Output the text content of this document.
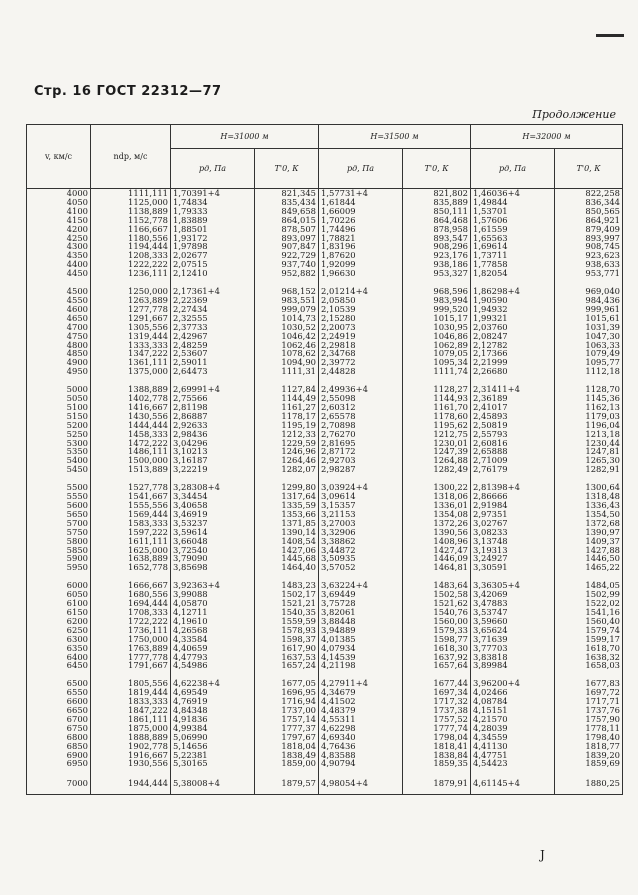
Стр. 16 ГОСТ 22312—77
Продолжение
v, км/с	ndp, м/с	H=31000 м		H=31500 м		H=32000 м	
		pд, Па	T'0, К	pд, Па	T'0, К	pд, Па	T'0, К
4000	1111,111	1,70391+4	821,345	1,57731+4	821,802	1,46036+4	822,258
4050	1125,000	1,74834	835,434	1,61844	835,889	1,49844	836,344
4100	1138,889	1,79333	849,658	1,66009	850,111	1,53701	850,565
4150	1152,778	1,83889	864,015	1,70226	864,468	1,57606	864,921
4200	1166,667	1,88501	878,507	1,74496	878,958	1,61559	879,409
4250	1180,556	1,93172	893,097	1,78821	893,547	1,65563	893,997
4300	1194,444	1,97898	907,847	1,83196	908,296	1,69614	908,745
4350	1208,333	2,02677	922,729	1,87620	923,176	1,73711	923,623
4400	1222,222	2,07515	937,740	1,92099	938,186	1,77858	938,633
4450	1236,111	2,12410	952,882	1,96630	953,327	1,82054	953,771
4500	1250,000	2,17361+4	968,152	2,01214+4	968,596	1,86298+4	969,040
4550	1263,889	2,22369	983,551	2,05850	983,994	1,90590	984,436
4600	1277,778	2,27434	999,079	2,10539	999,520	1,94932	999,961
4650	1291,667	2,32555	1014,73	2,15280	1015,17	1,99321	1015,61
4700	1305,556	2,37733	1030,52	2,20073	1030,95	2,03760	1031,39
4750	1319,444	2,42967	1046,42	2,24919	1046,86	2,08247	1047,30
4800	1333,333	2,48259	1062,46	2,29818	1062,89	2,12782	1063,33
4850	1347,222	2,53607	1078,62	2,34768	1079,05	2,17366	1079,49
4900	1361,111	2,59011	1094,90	2,39772	1095,34	2,21999	1095,77
4950	1375,000	2,64473	1111,31	2,44828	1111,74	2,26680	1112,18
5000	1388,889	2,69991+4	1127,84	2,49936+4	1128,27	2,31411+4	1128,70
5050	1402,778	2,75566	1144,49	2,55098	1144,93	2,36189	1145,36
5100	1416,667	2,81198	1161,27	2,60312	1161,70	2,41017	1162,13
5150	1430,556	2,86887	1178,17	2,65578	1178,60	2,45893	1179,03
5200	1444,444	2,92633	1195,19	2,70898	1195,62	2,50819	1196,04
5250	1458,333	2,98436	1212,33	2,76270	1212,75	2,55793	1213,18
5300	1472,222	3,04296	1229,59	2,81695	1230,01	2,60816	1230,44
5350	1486,111	3,10213	1246,96	2,87172	1247,39	2,65888	1247,81
5400	1500,000	3,16187	1264,46	2,92703	1264,88	2,71009	1265,30
5450	1513,889	3,22219	1282,07	2,98287	1282,49	2,76179	1282,91
5500	1527,778	3,28308+4	1299,80	3,03924+4	1300,22	2,81398+4	1300,64
5550	1541,667	3,34454	1317,64	3,09614	1318,06	2,86666	1318,48
5600	1555,556	3,40658	1335,59	3,15357	1336,01	2,91984	1336,43
5650	1569,444	3,46919	1353,66	3,21153	1354,08	2,97351	1354,50
5700	1583,333	3,53237	1371,85	3,27003	1372,26	3,02767	1372,68
5750	1597,222	3,59614	1390,14	3,32906	1390,56	3,08233	1390,97
5800	1611,111	3,66048	1408,54	3,38862	1408,96	3,13748	1409,37
5850	1625,000	3,72540	1427,06	3,44872	1427,47	3,19313	1427,88
5900	1638,889	3,79090	1445,68	3,50935	1446,09	3,24927	1446,50
5950	1652,778	3,85698	1464,40	3,57052	1464,81	3,30591	1465,22
6000	1666,667	3,92363+4	1483,23	3,63224+4	1483,64	3,36305+4	1484,05
6050	1680,556	3,99088	1502,17	3,69449	1502,58	3,42069	1502,99
6100	1694,444	4,05870	1521,21	3,75728	1521,62	3,47883	1522,02
6150	1708,333	4,12711	1540,35	3,82061	1540,76	3,53747	1541,16
6200	1722,222	4,19610	1559,59	3,88448	1560,00	3,59660	1560,40
6250	1736,111	4,26568	1578,93	3,94889	1579,33	3,65624	1579,74
6300	1750,000	4,33584	1598,37	4,01385	1598,77	3,71639	1599,17
6350	1763,889	4,40659	1617,90	4,07934	1618,30	3,77703	1618,70
6400	1777,778	4,47793	1637,53	4,14539	1637,92	3,83818	1638,32
6450	1791,667	4,54986	1657,24	4,21198	1657,64	3,89984	1658,03
6500	1805,556	4,62238+4	1677,05	4,27911+4	1677,44	3,96200+4	1677,83
6550	1819,444	4,69549	1696,95	4,34679	1697,34	4,02466	1697,72
6600	1833,333	4,76919	1716,94	4,41502	1717,32	4,08784	1717,71
6650	1847,222	4,84348	1737,00	4,48379	1737,38	4,15151	1737,76
6700	1861,111	4,91836	1757,14	4,55311	1757,52	4,21570	1757,90
6750	1875,000	4,99384	1777,37	4,62298	1777,74	4,28039	1778,11
6800	1888,889	5,06990	1797,67	4,69340	1798,04	4,34559	1798,40
6850	1902,778	5,14656	1818,04	4,76436	1818,41	4,41130	1818,77
6900	1916,667	5,22381	1838,49	4,83588	1838,84	4,47751	1839,20
6950	1930,556	5,30165	1859,00	4,90794	1859,35	4,54423	1859,69
7000	1944,444	5,38008+4	1879,57	4,98054+4	1879,91	4,61145+4	1880,25
J
